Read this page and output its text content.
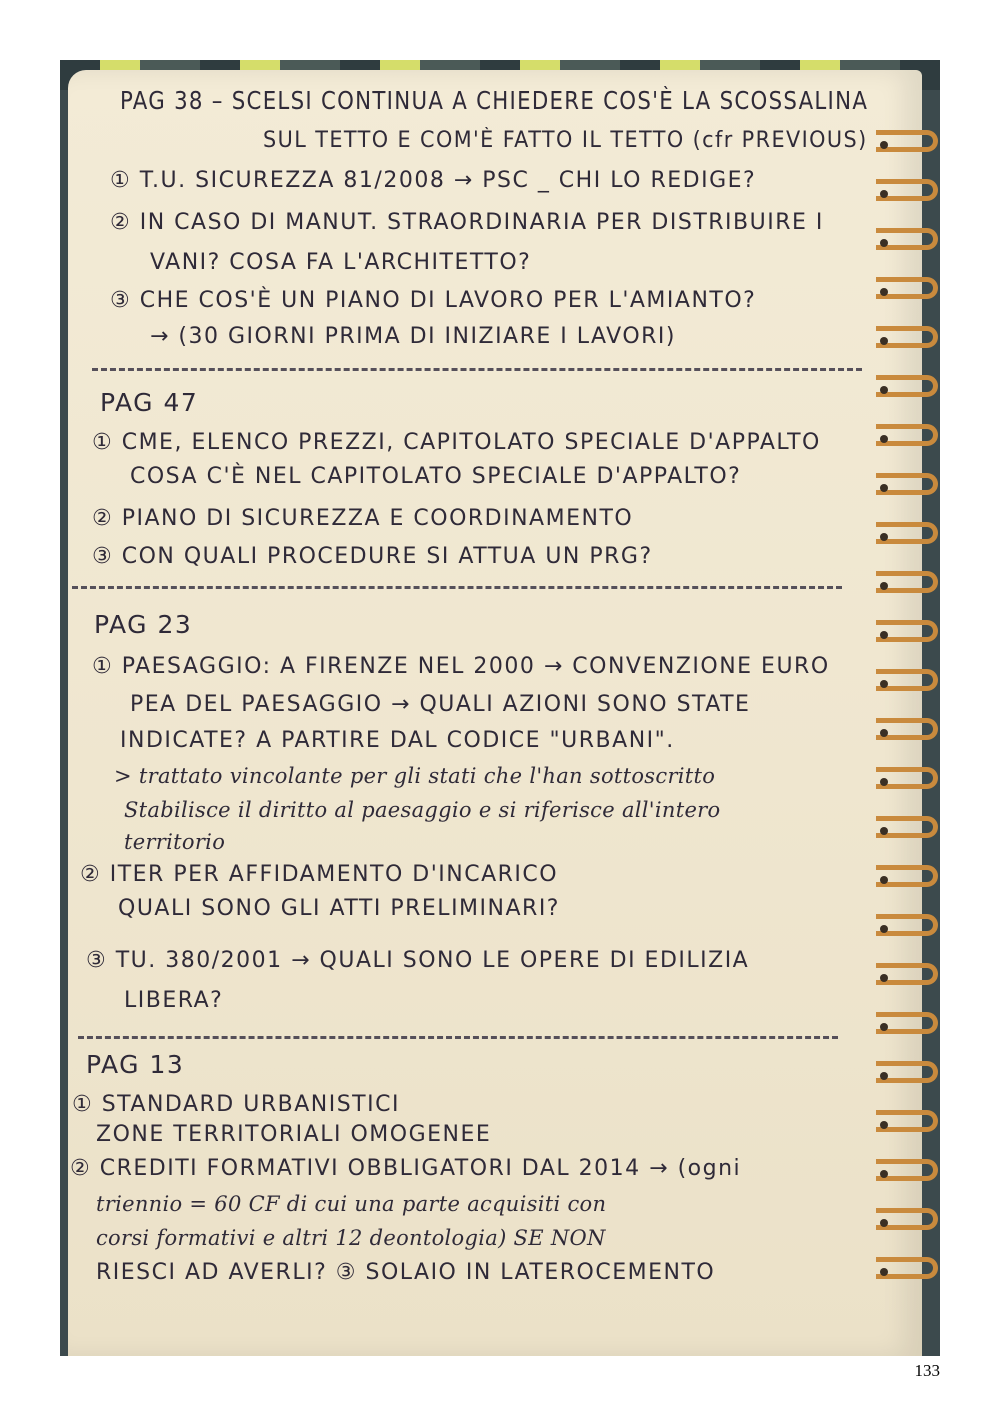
PAG 38 – SCELSI CONTINUA A CHIEDERE COS'È LA SCOSSALINA
SUL TETTO E COM'È FATTO IL TETTO (cfr PREVIOUS)
① T.U. SICUREZZA 81/2008 → PSC _ CHI LO REDIGE?
② IN CASO DI MANUT. STRAORDINARIA PER DISTRIBUIRE I
VANI? COSA FA L'ARCHITETTO?
③ CHE COS'È UN PIANO DI LAVORO PER L'AMIANTO?
→ (30 GIORNI PRIMA DI INIZIARE I LAVORI)
PAG 47
① CME, ELENCO PREZZI, CAPITOLATO SPECIALE D'APPALTO
COSA C'È NEL CAPITOLATO SPECIALE D'APPALTO?
② PIANO DI SICUREZZA E COORDINAMENTO
③ CON QUALI PROCEDURE SI ATTUA UN PRG?
PAG 23
① PAESAGGIO: A FIRENZE NEL 2000 → CONVENZIONE EURO
PEA DEL PAESAGGIO → QUALI AZIONI SONO STATE
INDICATE? A PARTIRE DAL CODICE "URBANI".
> trattato vincolante per gli stati che l'han sottoscritto
Stabilisce il diritto al paesaggio e si riferisce all'intero
territorio
② ITER PER AFFIDAMENTO D'INCARICO
QUALI SONO GLI ATTI PRELIMINARI?
③ TU. 380/2001 → QUALI SONO LE OPERE DI EDILIZIA
LIBERA?
PAG 13
① STANDARD URBANISTICI
ZONE TERRITORIALI OMOGENEE
② CREDITI FORMATIVI OBBLIGATORI DAL 2014 → (ogni
triennio = 60 CF di cui una parte acquisiti con
corsi formativi e altri 12 deontologia) SE NON
RIESCI AD AVERLI? ③ SOLAIO IN LATEROCEMENTO
133
